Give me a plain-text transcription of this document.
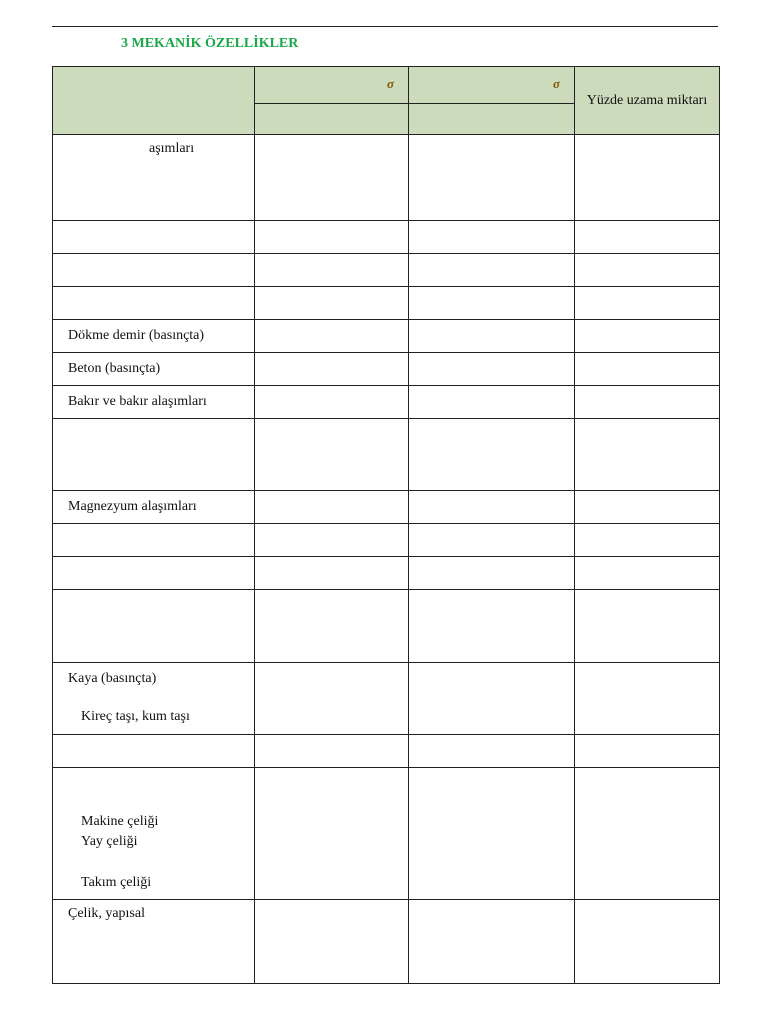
3 MEKANİK ÖZELLİKLER

	σ	σ	Yüzde uzama miktarı

aşımları			

Dökme demir (basınçta)			

Beton (basınçta)			

Bakır ve bakır alaşımları			

Magnezyum alaşımları			

Kaya (basınçta)
Kireç taşı, kum taşı			

Makine çeliği
Yay çeliği
Takım çeliği			

Çelik, yapısal			
